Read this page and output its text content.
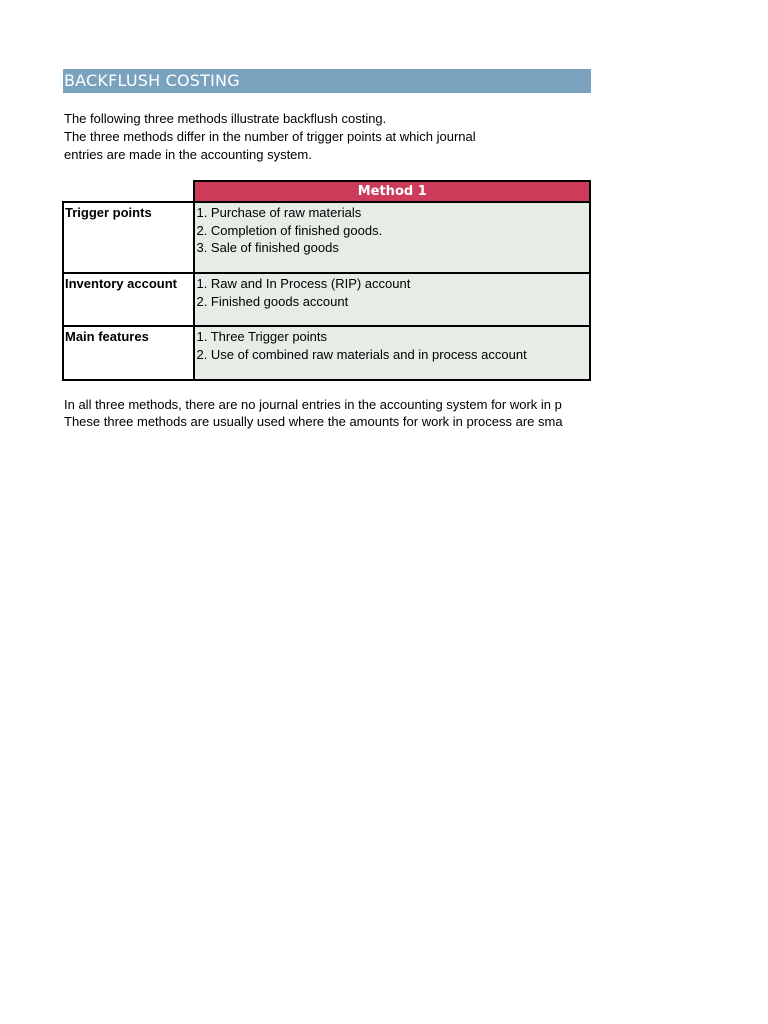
BACKFLUSH COSTING
The following three methods illustrate backflush costing.
The three methods differ in the number of trigger points at which journal
entries are made in the accounting system.
	Method 1
Trigger points	1. Purchase of raw materials
2. Completion of finished goods.
3. Sale of finished goods

Inventory account	1. Raw and In Process (RIP) account
2. Finished goods account

Main features	1. Three Trigger points
2. Use of combined raw materials and in process account
In all three methods, there are no journal entries in the accounting system for work in p
These three methods are usually used where the amounts for work in process are sma
